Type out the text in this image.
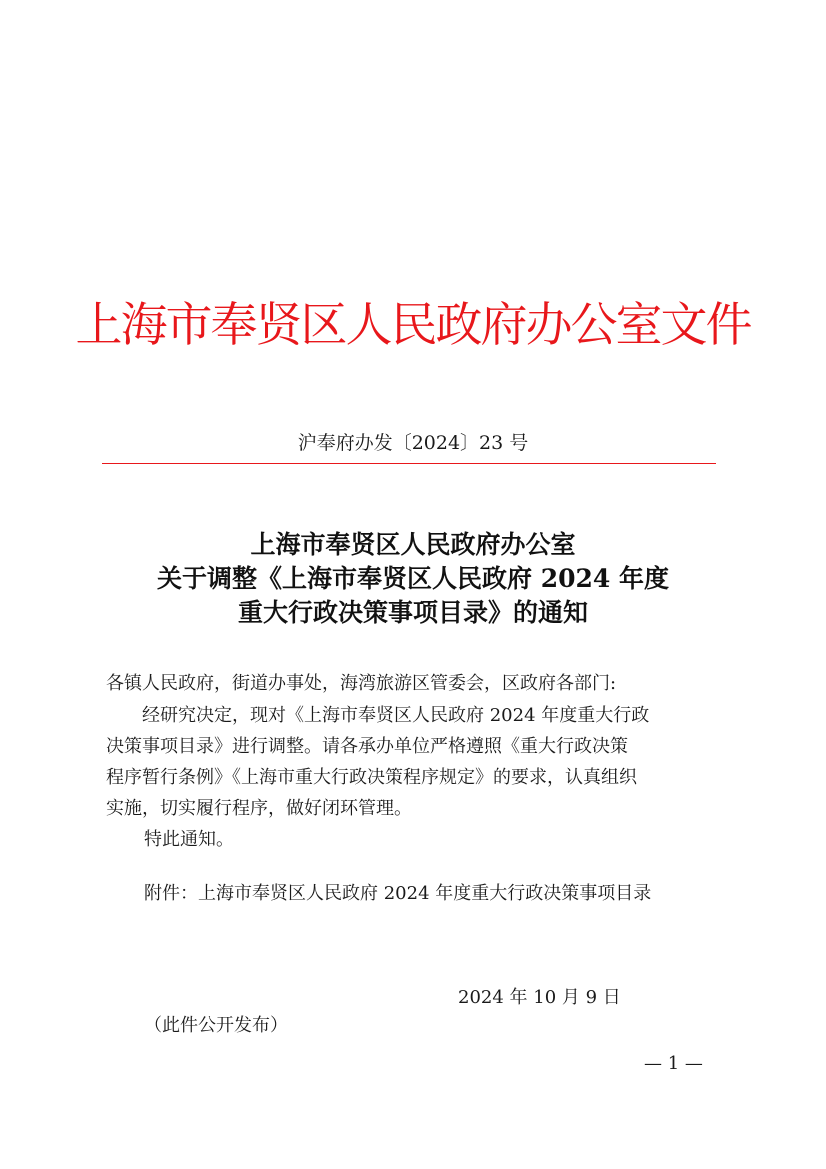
上海市奉贤区人民政府办公室文件
沪奉府办发〔2024〕23 号
上海市奉贤区人民政府办公室
关于调整《上海市奉贤区人民政府 2024 年度
重大行政决策事项目录》的通知
各镇人民政府，街道办事处，海湾旅游区管委会，区政府各部门:
经研究决定，现对《上海市奉贤区人民政府 2024 年度重大行政
决策事项目录》进行调整。请各承办单位严格遵照《重大行政决策
程序暂行条例》《上海市重大行政决策程序规定》的要求，认真组织
实施，切实履行程序，做好闭环管理。
特此通知。
附件：上海市奉贤区人民政府 2024 年度重大行政决策事项目录
2024 年 10 月 9 日
（此件公开发布）
— 1 —
